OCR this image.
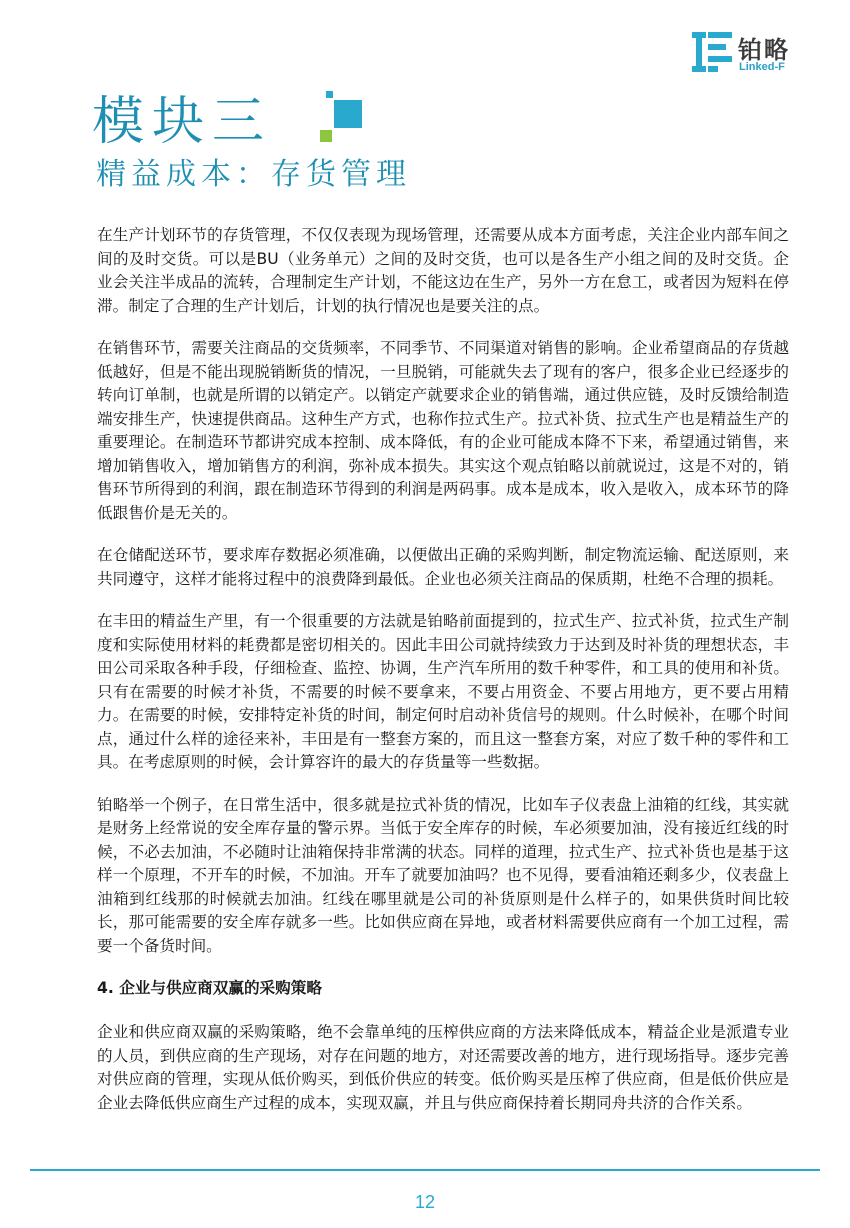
铂略
Linked-F
模块三
精益成本：存货管理

在生产计划环节的存货管理，不仅仅表现为现场管理，还需要从成本方面考虑，关注企业内部车间之间的及时交货。可以是BU（业务单元）之间的及时交货，也可以是各生产小组之间的及时交货。企业会关注半成品的流转，合理制定生产计划，不能这边在生产，另外一方在怠工，或者因为短料在停滞。制定了合理的生产计划后，计划的执行情况也是要关注的点。

在销售环节，需要关注商品的交货频率，不同季节、不同渠道对销售的影响。企业希望商品的存货越低越好，但是不能出现脱销断货的情况，一旦脱销，可能就失去了现有的客户，很多企业已经逐步的转向订单制，也就是所谓的以销定产。以销定产就要求企业的销售端，通过供应链，及时反馈给制造端安排生产，快速提供商品。这种生产方式，也称作拉式生产。拉式补货、拉式生产也是精益生产的重要理论。在制造环节都讲究成本控制、成本降低，有的企业可能成本降不下来，希望通过销售，来增加销售收入，增加销售方的利润，弥补成本损失。其实这个观点铂略以前就说过，这是不对的，销售环节所得到的利润，跟在制造环节得到的利润是两码事。成本是成本，收入是收入，成本环节的降低跟售价是无关的。

在仓储配送环节，要求库存数据必须准确，以便做出正确的采购判断，制定物流运输、配送原则，来共同遵守，这样才能将过程中的浪费降到最低。企业也必须关注商品的保质期，杜绝不合理的损耗。

在丰田的精益生产里，有一个很重要的方法就是铂略前面提到的，拉式生产、拉式补货，拉式生产制度和实际使用材料的耗费都是密切相关的。因此丰田公司就持续致力于达到及时补货的理想状态，丰田公司采取各种手段，仔细检查、监控、协调，生产汽车所用的数千种零件，和工具的使用和补货。只有在需要的时候才补货，不需要的时候不要拿来，不要占用资金、不要占用地方，更不要占用精力。在需要的时候，安排特定补货的时间，制定何时启动补货信号的规则。什么时候补，在哪个时间点，通过什么样的途径来补，丰田是有一整套方案的，而且这一整套方案，对应了数千种的零件和工具。在考虑原则的时候，会计算容许的最大的存货量等一些数据。

铂略举一个例子，在日常生活中，很多就是拉式补货的情况，比如车子仪表盘上油箱的红线，其实就是财务上经常说的安全库存量的警示界。当低于安全库存的时候，车必须要加油，没有接近红线的时候，不必去加油，不必随时让油箱保持非常满的状态。同样的道理，拉式生产、拉式补货也是基于这样一个原理，不开车的时候，不加油。开车了就要加油吗？也不见得，要看油箱还剩多少，仪表盘上油箱到红线那的时候就去加油。红线在哪里就是公司的补货原则是什么样子的，如果供货时间比较长，那可能需要的安全库存就多一些。比如供应商在异地，或者材料需要供应商有一个加工过程，需要一个备货时间。

4. 企业与供应商双赢的采购策略

企业和供应商双赢的采购策略，绝不会靠单纯的压榨供应商的方法来降低成本，精益企业是派遣专业的人员，到供应商的生产现场，对存在问题的地方，对还需要改善的地方，进行现场指导。逐步完善对供应商的管理，实现从低价购买，到低价供应的转变。低价购买是压榨了供应商，但是低价供应是企业去降低供应商生产过程的成本，实现双赢，并且与供应商保持着长期同舟共济的合作关系。

12
